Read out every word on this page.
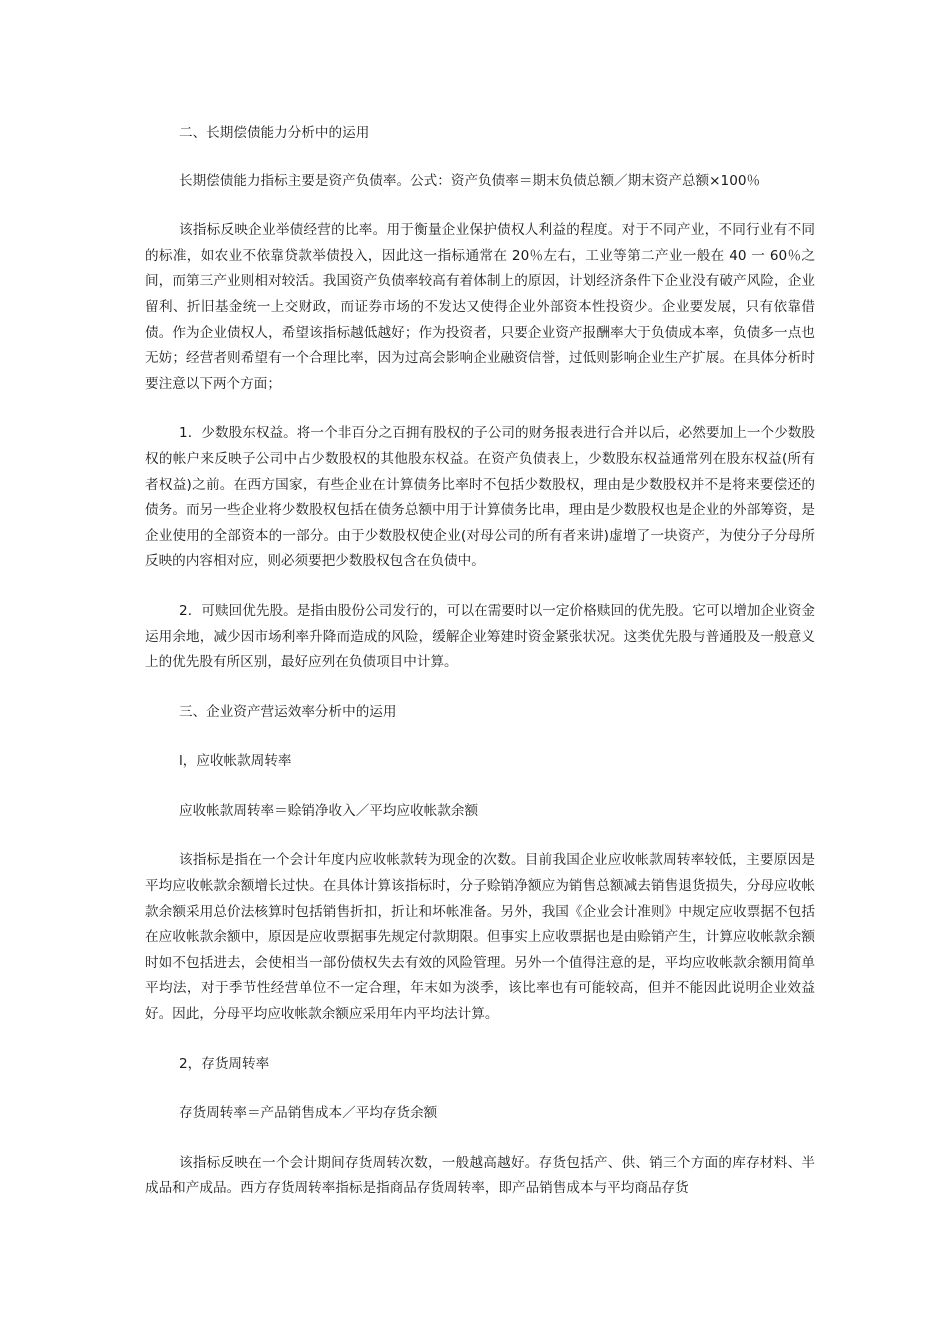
二、长期偿债能力分析中的运用

长期偿债能力指标主要是资产负债率。公式：资产负债率＝期末负债总额／期末资产总额×100％

该指标反映企业举债经营的比率。用于衡量企业保护债权人利益的程度。对于不同产业，不同行业有不同的标准，如农业不依靠贷款举债投入，因此这一指标通常在 20％左右，工业等第二产业一般在 40 一 60％之间，而第三产业则相对较活。我国资产负债率较高有着体制上的原因，计划经济条件下企业没有破产风险，企业留利、折旧基金统一上交财政，而证券市场的不发达又使得企业外部资本性投资少。企业要发展，只有依靠借债。作为企业债权人，希望该指标越低越好；作为投资者，只要企业资产报酬率大于负债成本率，负债多一点也无妨；经营者则希望有一个合理比率，因为过高会影响企业融资信誉，过低则影响企业生产扩展。在具体分析时要注意以下两个方面；

1．少数股东权益。将一个非百分之百拥有股权的子公司的财务报表进行合并以后，必然要加上一个少数股权的帐户来反映子公司中占少数股权的其他股东权益。在资产负债表上，少数股东权益通常列在股东权益(所有者权益)之前。在西方国家，有些企业在计算债务比率时不包括少数股权，理由是少数股权并不是将来要偿还的债务。而另一些企业将少数股权包括在债务总额中用于计算债务比串，理由是少数股权也是企业的外部筹资，是企业使用的全部资本的一部分。由于少数股权使企业(对母公司的所有者来讲)虚增了一块资产，为使分子分母所反映的内容相对应，则必须要把少数股权包含在负债中。

2．可赎回优先股。是指由股份公司发行的，可以在需要时以一定价格赎回的优先股。它可以增加企业资金运用余地，减少因市场利率升降而造成的风险，缓解企业筹建时资金紧张状况。这类优先股与普通股及一般意义上的优先股有所区别，最好应列在负债项目中计算。

三、企业资产营运效率分析中的运用

l，应收帐款周转率

应收帐款周转率＝赊销净收入／平均应收帐款余额

该指标是指在一个会计年度内应收帐款转为现金的次数。目前我国企业应收帐款周转率较低，主要原因是平均应收帐款余额增长过快。在具体计算该指标时，分子赊销净额应为销售总额减去销售退货损失，分母应收帐款余额采用总价法核算时包括销售折扣，折让和坏帐准备。另外，我国《企业会计准则》中规定应收票据不包括在应收帐款余额中，原因是应收票据事先规定付款期限。但事实上应收票据也是由赊销产生，计算应收帐款余额时如不包括进去，会使相当一部份债权失去有效的风险管理。另外一个值得注意的是，平均应收帐款余额用简单平均法，对于季节性经营单位不一定合理，年末如为淡季，该比率也有可能较高，但并不能因此说明企业效益好。因此，分母平均应收帐款余额应采用年内平均法计算。

2，存货周转率

存货周转率＝产品销售成本／平均存货余额

该指标反映在一个会计期间存货周转次数，一般越高越好。存货包括产、供、销三个方面的库存材料、半成品和产成品。西方存货周转率指标是指商品存货周转率，即产品销售成本与平均商品存货
